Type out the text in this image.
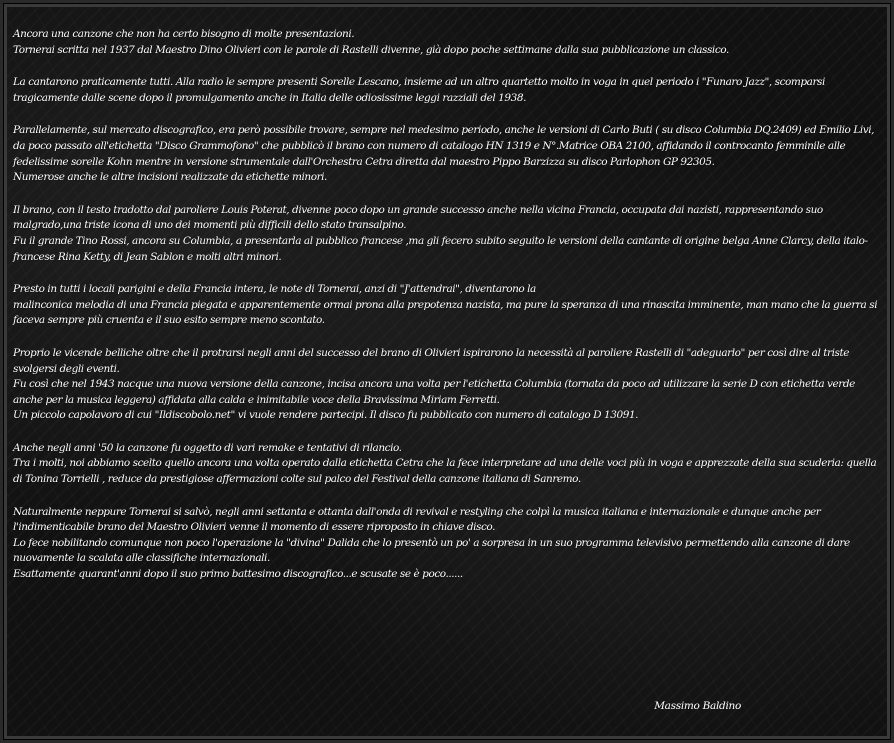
Ancora una canzone che non ha certo bisogno di molte presentazioni.
Tornerai scritta nel 1937 dal Maestro Dino Olivieri con le parole di Rastelli divenne, già dopo poche settimane dalla sua pubblicazione un classico.

La cantarono praticamente tutti. Alla radio le sempre presenti Sorelle Lescano, insieme ad un altro quartetto molto in voga in quel periodo i "Funaro Jazz", scomparsi tragicamente dalle scene dopo il promulgamento anche in Italia delle odiosissime leggi razziali del 1938.

Parallelamente, sul mercato discografico, era però possibile trovare, sempre nel medesimo periodo, anche le versioni di Carlo Buti ( su disco Columbia DQ.2409) ed Emilio Livi, da poco passato all'etichetta "Disco Grammofono" che pubblicò il brano con numero di catalogo HN 1319 e N°.Matrice OBA 2100, affidando il controcanto femminile alle fedelissime sorelle Kohn mentre in versione strumentale dall'Orchestra Cetra diretta dal maestro Pippo Barzizza su disco Parlophon GP 92305.
Numerose anche le altre incisioni realizzate da etichette minori.

Il brano, con il testo tradotto dal paroliere Louis Poterat, divenne poco dopo un grande successo anche nella vicina Francia, occupata dai nazisti, rappresentando suo malgrado,una triste icona di uno dei momenti più difficili dello stato transalpino.
Fu il grande Tino Rossi, ancora su Columbia, a presentarla al pubblico francese ,ma gli fecero subito seguito le versioni della cantante di origine belga Anne Clarcy, della italo-francese Rina Ketty, di Jean Sablon e molti altri minori.

Presto in tutti i locali parigini e della Francia intera, le note di Tornerai, anzi di "J'attendrai", diventarono la
malinconica melodia di una Francia piegata e apparentemente ormai prona alla prepotenza nazista, ma pure la speranza di una rinascita imminente, man mano che la guerra si faceva sempre più cruenta e il suo esito sempre meno scontato.

Proprio le vicende belliche oltre che il protrarsi negli anni del successo del brano di Olivieri ispirarono la necessità al paroliere Rastelli di "adeguarlo" per così dire al triste svolgersi degli eventi.
Fu così che nel 1943 nacque una nuova versione della canzone, incisa ancora una volta per l'etichetta Columbia (tornata da poco ad utilizzare la serie D con etichetta verde anche per la musica leggera) affidata alla calda e inimitabile voce della Bravissima Miriam Ferretti.
Un piccolo capolavoro di cui "Ildiscobolo.net" vi vuole rendere partecipi. Il disco fu pubblicato con numero di catalogo D 13091.

Anche negli anni '50 la canzone fu oggetto di vari remake e tentativi di rilancio.
Tra i molti, noi abbiamo scelto quello ancora una volta operato dalla etichetta Cetra che la fece interpretare ad una delle voci più in voga e apprezzate della sua scuderia: quella di Tonina Torrielli , reduce da prestigiose affermazioni colte sul palco del Festival della canzone italiana di Sanremo.

Naturalmente neppure Tornerai si salvò, negli anni settanta e ottanta dall'onda di revival e restyling che colpì la musica italiana e internazionale e dunque anche per l'indimenticabile brano del Maestro Olivieri venne il momento di essere riproposto in chiave disco.
Lo fece nobilitando comunque non poco l'operazione la "divina" Dalida che lo presentò un po' a sorpresa in un suo programma televisivo permettendo alla canzone di dare nuovamente la scalata alle classifiche internazionali.
Esattamente quarant'anni dopo il suo primo battesimo discografico...e scusate se è poco......

Massimo Baldino
